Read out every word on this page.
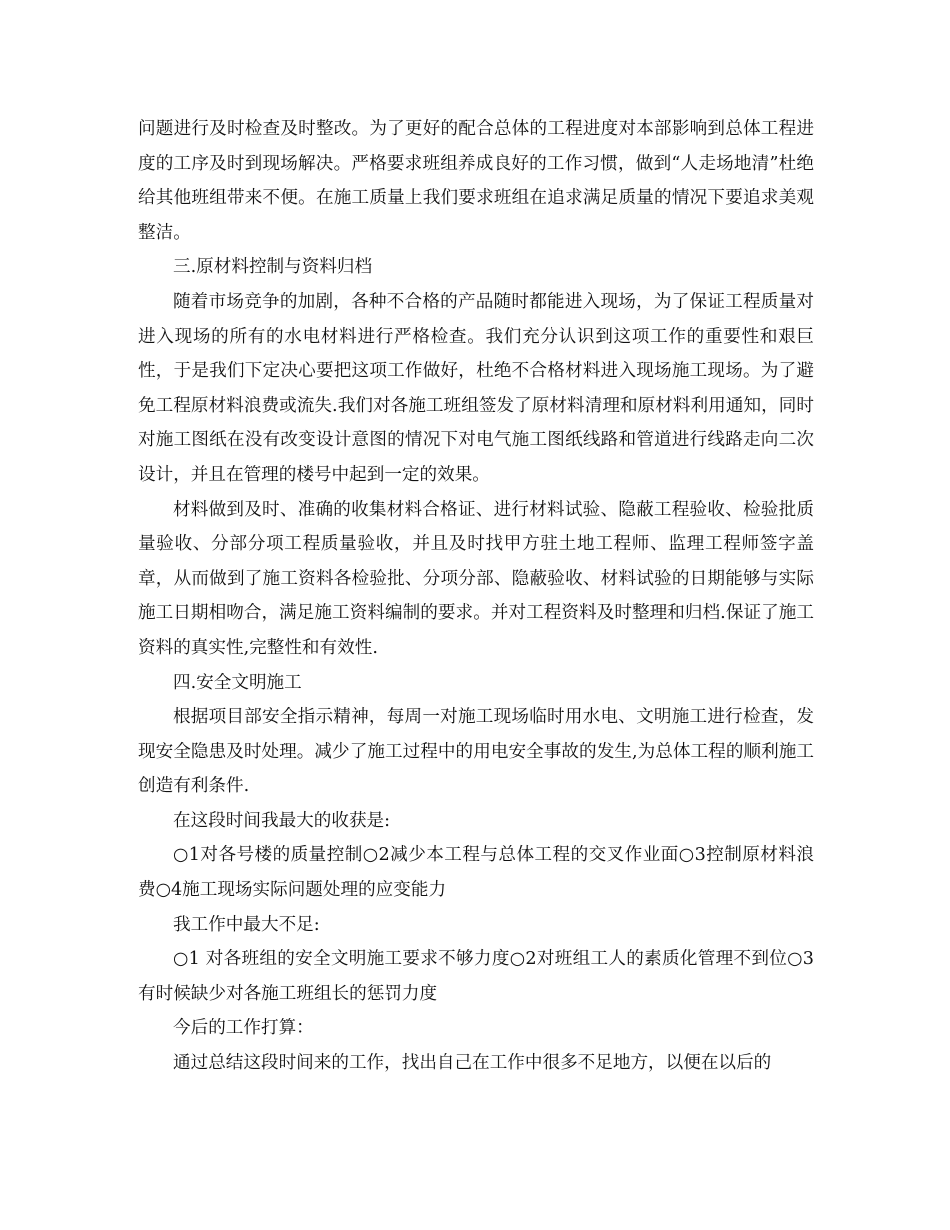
问题进行及时检查及时整改。为了更好的配合总体的工程进度对本部影响到总体工程进度的工序及时到现场解决。严格要求班组养成良好的工作习惯，做到“人走场地清”杜绝给其他班组带来不便。在施工质量上我们要求班组在追求满足质量的情况下要追求美观整洁。

三.原材料控制与资料归档

随着市场竞争的加剧，各种不合格的产品随时都能进入现场，为了保证工程质量对进入现场的所有的水电材料进行严格检查。我们充分认识到这项工作的重要性和艰巨性，于是我们下定决心要把这项工作做好，杜绝不合格材料进入现场施工现场。为了避免工程原材料浪费或流失.我们对各施工班组签发了原材料清理和原材料利用通知，同时对施工图纸在没有改变设计意图的情况下对电气施工图纸线路和管道进行线路走向二次设计，并且在管理的楼号中起到一定的效果。

材料做到及时、准确的收集材料合格证、进行材料试验、隐蔽工程验收、检验批质量验收、分部分项工程质量验收，并且及时找甲方驻土地工程师、监理工程师签字盖章，从而做到了施工资料各检验批、分项分部、隐蔽验收、材料试验的日期能够与实际施工日期相吻合，满足施工资料编制的要求。并对工程资料及时整理和归档.保证了施工资料的真实性,完整性和有效性.

四.安全文明施工

根据项目部安全指示精神，每周一对施工现场临时用水电、文明施工进行检查，发现安全隐患及时处理。减少了施工过程中的用电安全事故的发生,为总体工程的顺利施工创造有利条件.

在这段时间我最大的收获是:

○1对各号楼的质量控制○2减少本工程与总体工程的交叉作业面○3控制原材料浪费○4施工现场实际问题处理的应变能力

我工作中最大不足:

○1 对各班组的安全文明施工要求不够力度○2对班组工人的素质化管理不到位○3有时候缺少对各施工班组长的惩罚力度

今后的工作打算：

通过总结这段时间来的工作，找出自己在工作中很多不足地方，以便在以后的
